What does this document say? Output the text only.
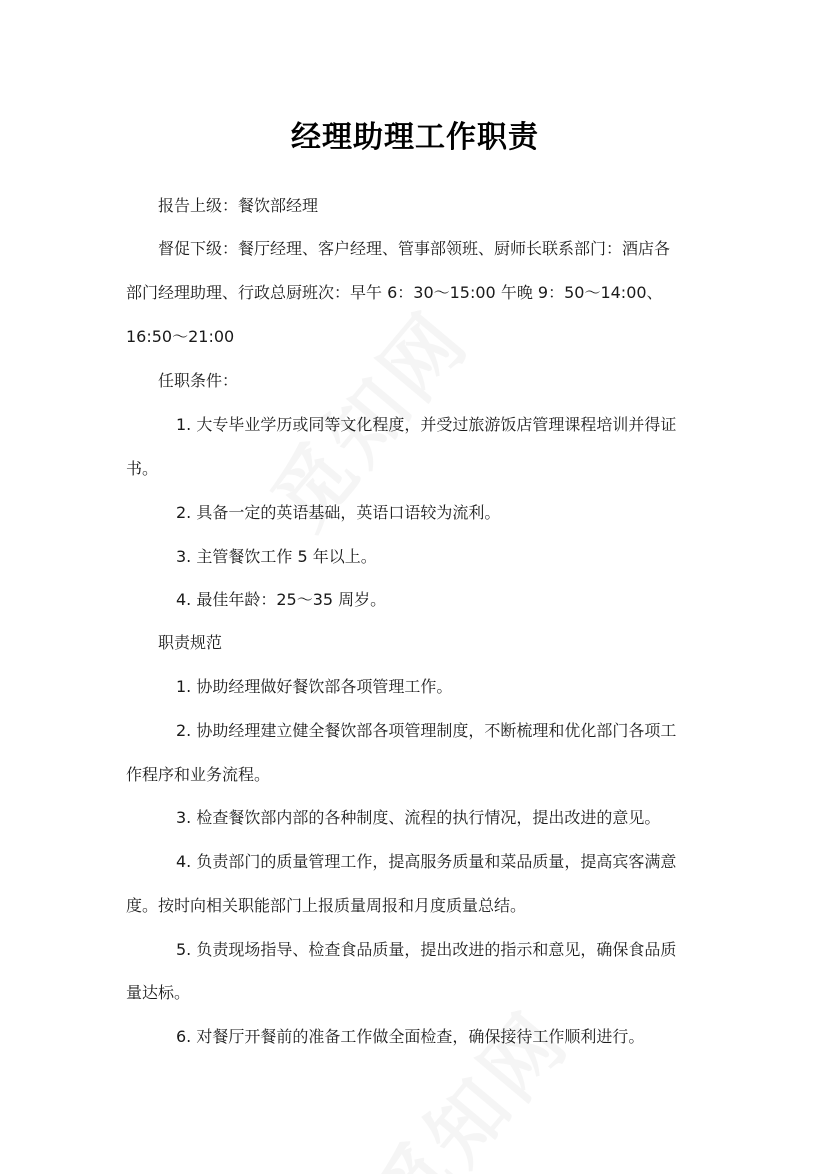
经理助理工作职责
报告上级：餐饮部经理
督促下级：餐厅经理、客户经理、管事部领班、厨师长联系部门：酒店各
部门经理助理、行政总厨班次：早午 6：30～15:00 午晚 9：50～14:00、
16:50～21:00
任职条件：
1. 大专毕业学历或同等文化程度，并受过旅游饭店管理课程培训并得证
书。
2. 具备一定的英语基础，英语口语较为流利。
3. 主管餐饮工作 5 年以上。
4. 最佳年龄：25～35 周岁。
职责规范
1. 协助经理做好餐饮部各项管理工作。
2. 协助经理建立健全餐饮部各项管理制度，不断梳理和优化部门各项工
作程序和业务流程。
3. 检查餐饮部内部的各种制度、流程的执行情况，提出改进的意见。
4. 负责部门的质量管理工作，提高服务质量和菜品质量，提高宾客满意
度。按时向相关职能部门上报质量周报和月度质量总结。
5. 负责现场指导、检查食品质量，提出改进的指示和意见，确保食品质
量达标。
6. 对餐厅开餐前的准备工作做全面检查，确保接待工作顺利进行。
